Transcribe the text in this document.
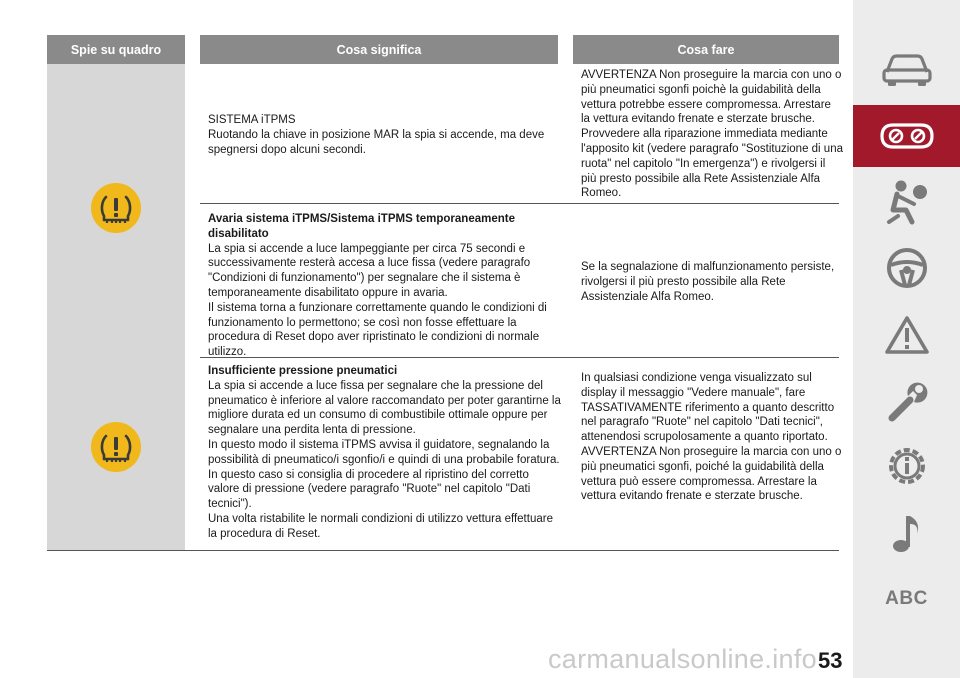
Spie su quadro	Cosa significa	Cosa fare

SISTEMA iTPMS

Ruotando la chiave in posizione MAR la spia si accende, ma deve spegnersi dopo alcuni secondi.

AVVERTENZA Non proseguire la marcia con uno o più pneumatici sgonfi poichè la guidabilità della vettura potrebbe essere compromessa. Arrestare la vettura evitando frenate e sterzate brusche. Provvedere alla riparazione immediata mediante l'apposito kit (vedere paragrafo "Sostituzione di una ruota" nel capitolo "In emergenza") e rivolgersi il più presto possibile alla Rete Assistenziale Alfa Romeo.

Avaria sistema iTPMS/Sistema iTPMS temporaneamente disabilitato

La spia si accende a luce lampeggiante per circa 75 secondi e successivamente resterà accesa a luce fissa (vedere paragrafo "Condizioni di funzionamento") per segnalare che il sistema è temporaneamente disabilitato oppure in avaria.

Il sistema torna a funzionare correttamente quando le condizioni di funzionamento lo permettono; se così non fosse effettuare la procedura di Reset dopo aver ripristinato le condizioni di normale utilizzo.

Se la segnalazione di malfunzionamento persiste, rivolgersi il più presto possibile alla Rete Assistenziale Alfa Romeo.

Insufficiente pressione pneumatici

La spia si accende a luce fissa per segnalare che la pressione del pneumatico è inferiore al valore raccomandato per poter garantirne la migliore durata ed un consumo di combustibile ottimale oppure per segnalare una perdita lenta di pressione.

In questo modo il sistema iTPMS avvisa il guidatore, segnalando la possibilità di pneumatico/i sgonfio/i e quindi di una probabile foratura. In questo caso si consiglia di procedere al ripristino del corretto valore di pressione (vedere paragrafo "Ruote" nel capitolo "Dati tecnici").

Una volta ristabilite le normali condizioni di utilizzo vettura effettuare la procedura di Reset.

In qualsiasi condizione venga visualizzato sul display il messaggio "Vedere manuale", fare TASSATIVAMENTE riferimento a quanto descritto nel paragrafo "Ruote" nel capitolo "Dati tecnici", attenendosi scrupolosamente a quanto riportato.

AVVERTENZA Non proseguire la marcia con uno o più pneumatici sgonfi, poiché la guidabilità della vettura può essere compromessa. Arrestare la vettura evitando frenate e sterzate brusche.

ABC
carmanualsonline.info 53
